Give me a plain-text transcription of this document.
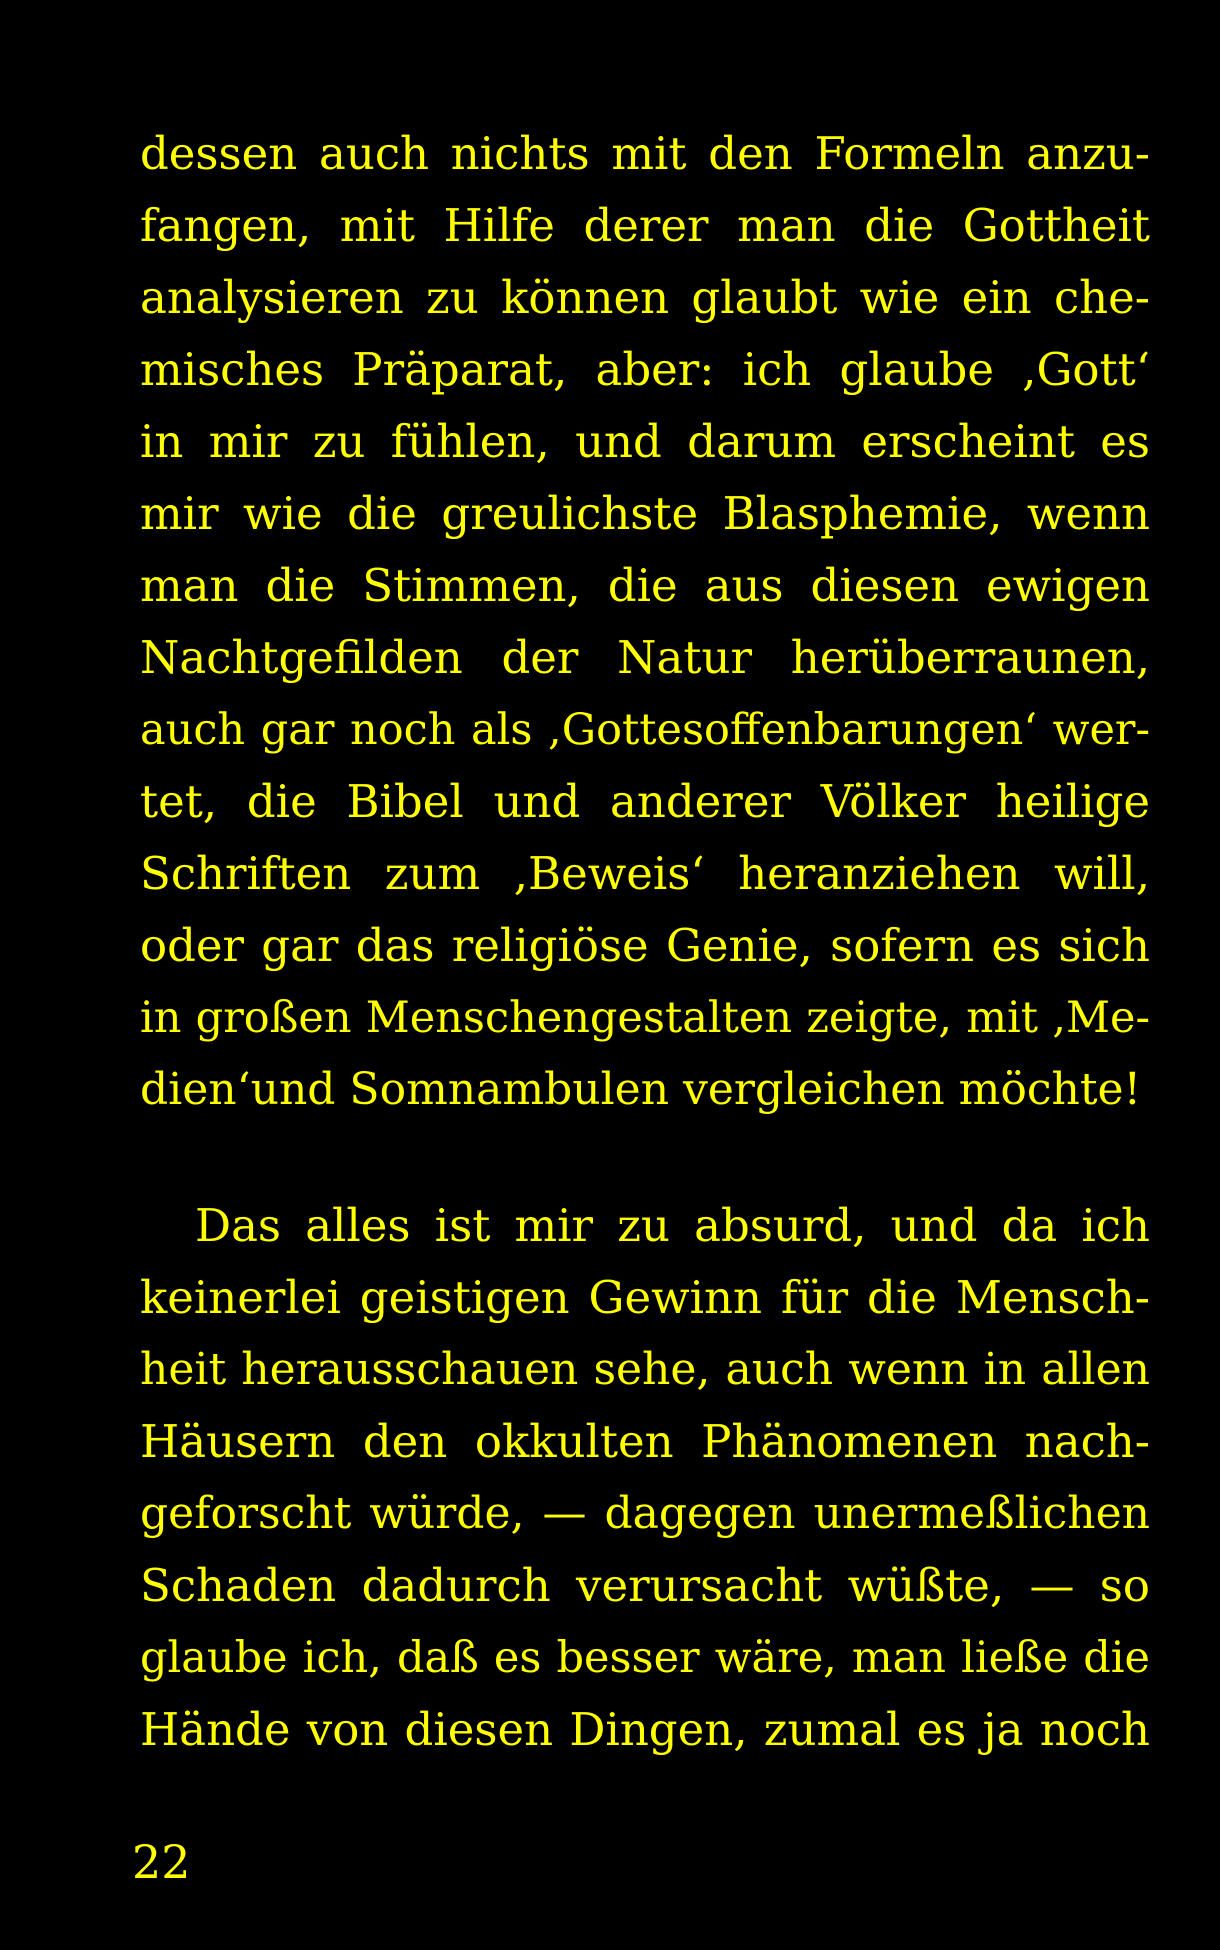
dessen auch nichts mit den Formeln anzu-
fangen, mit Hilfe derer man die Gottheit
analysieren zu können glaubt wie ein che-
misches Präparat, aber: ich glaube ,Gott‘
in mir zu fühlen, und darum erscheint es
mir wie die greulichste Blasphemie, wenn
man die Stimmen, die aus diesen ewigen
Nachtgefilden der Natur herüberraunen,
auch gar noch als ,Gottesoffenbarungen‘ wer-
tet, die Bibel und anderer Völker heilige
Schriften zum ,Beweis‘ heranziehen will,
oder gar das religiöse Genie, sofern es sich
in großen Menschengestalten zeigte, mit ,Me-
dien‘und Somnambulen vergleichen möchte!
Das alles ist mir zu absurd, und da ich
keinerlei geistigen Gewinn für die Mensch-
heit herausschauen sehe, auch wenn in allen
Häusern den okkulten Phänomenen nach-
geforscht würde, — dagegen unermeßlichen
Schaden dadurch verursacht wüßte, — so
glaube ich, daß es besser wäre, man ließe die
Hände von diesen Dingen, zumal es ja noch
22
